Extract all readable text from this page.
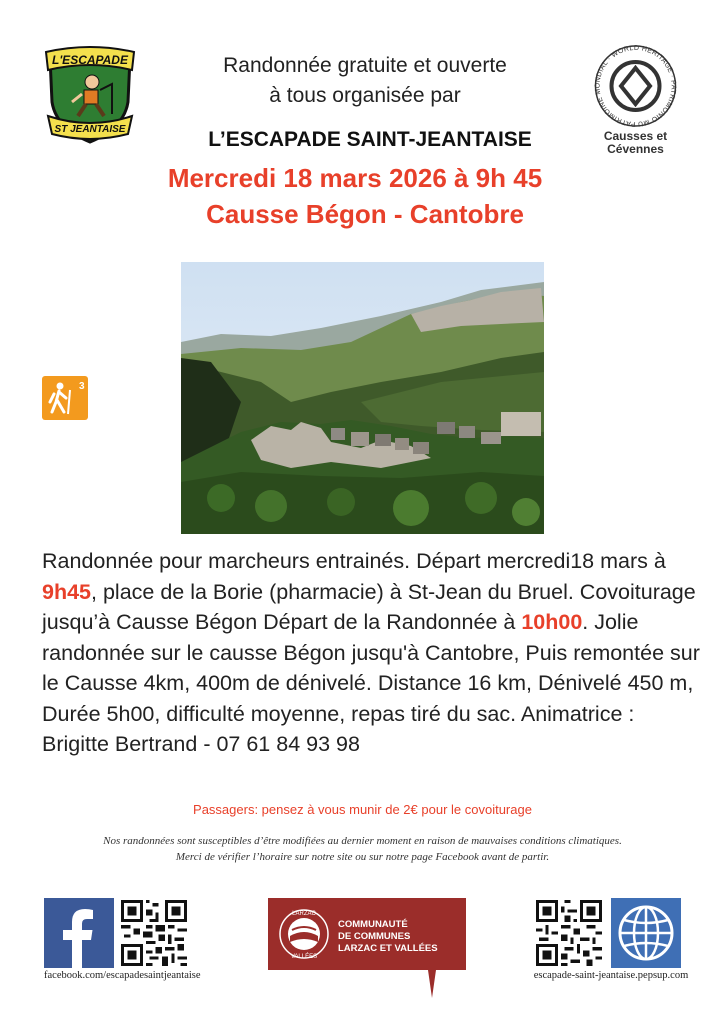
L'ESCAPADE
ST JEANTAISE
Randonnée gratuite et ouverte
à tous organisée par
L’ESCAPADE SAINT-JEANTAISE
Mercredi 18 mars 2026 à 9h 45
Causse Bégon - Cantobre
PATRIMOINE MONDIAL · WORLD HERITAGE · PATRIMONIO MU
Causses et
Cévennes
3
Randonnée pour marcheurs entrainés. Départ mercredi18 mars à 9h45, place de la Borie (pharmacie) à St-Jean du Bruel. Covoiturage jusqu’à Causse Bégon Départ de la Randonnée à 10h00. Jolie randonnée sur le causse Bégon jusqu'à Cantobre, Puis remontée sur le Causse 4km, 400m de dénivelé. Distance 16 km, Dénivelé 450 m, Durée 5h00, difficulté moyenne, repas tiré du sac. Animatrice : Brigitte Bertrand - 07 61 84 93 98
Passagers: pensez à vous munir de 2€ pour le covoiturage
Nos randonnées sont susceptibles d’être modifiées au dernier moment en raison de mauvaises conditions climatiques.
Merci de vérifier l’horaire sur notre site ou sur notre page Facebook avant de partir.
facebook.com/escapadesaintjeantaise
LARZAC
VALLÉES
COMMUNAUTÉ
DE COMMUNES
LARZAC ET VALLÉES
escapade-saint-jeantaise.pepsup.com
